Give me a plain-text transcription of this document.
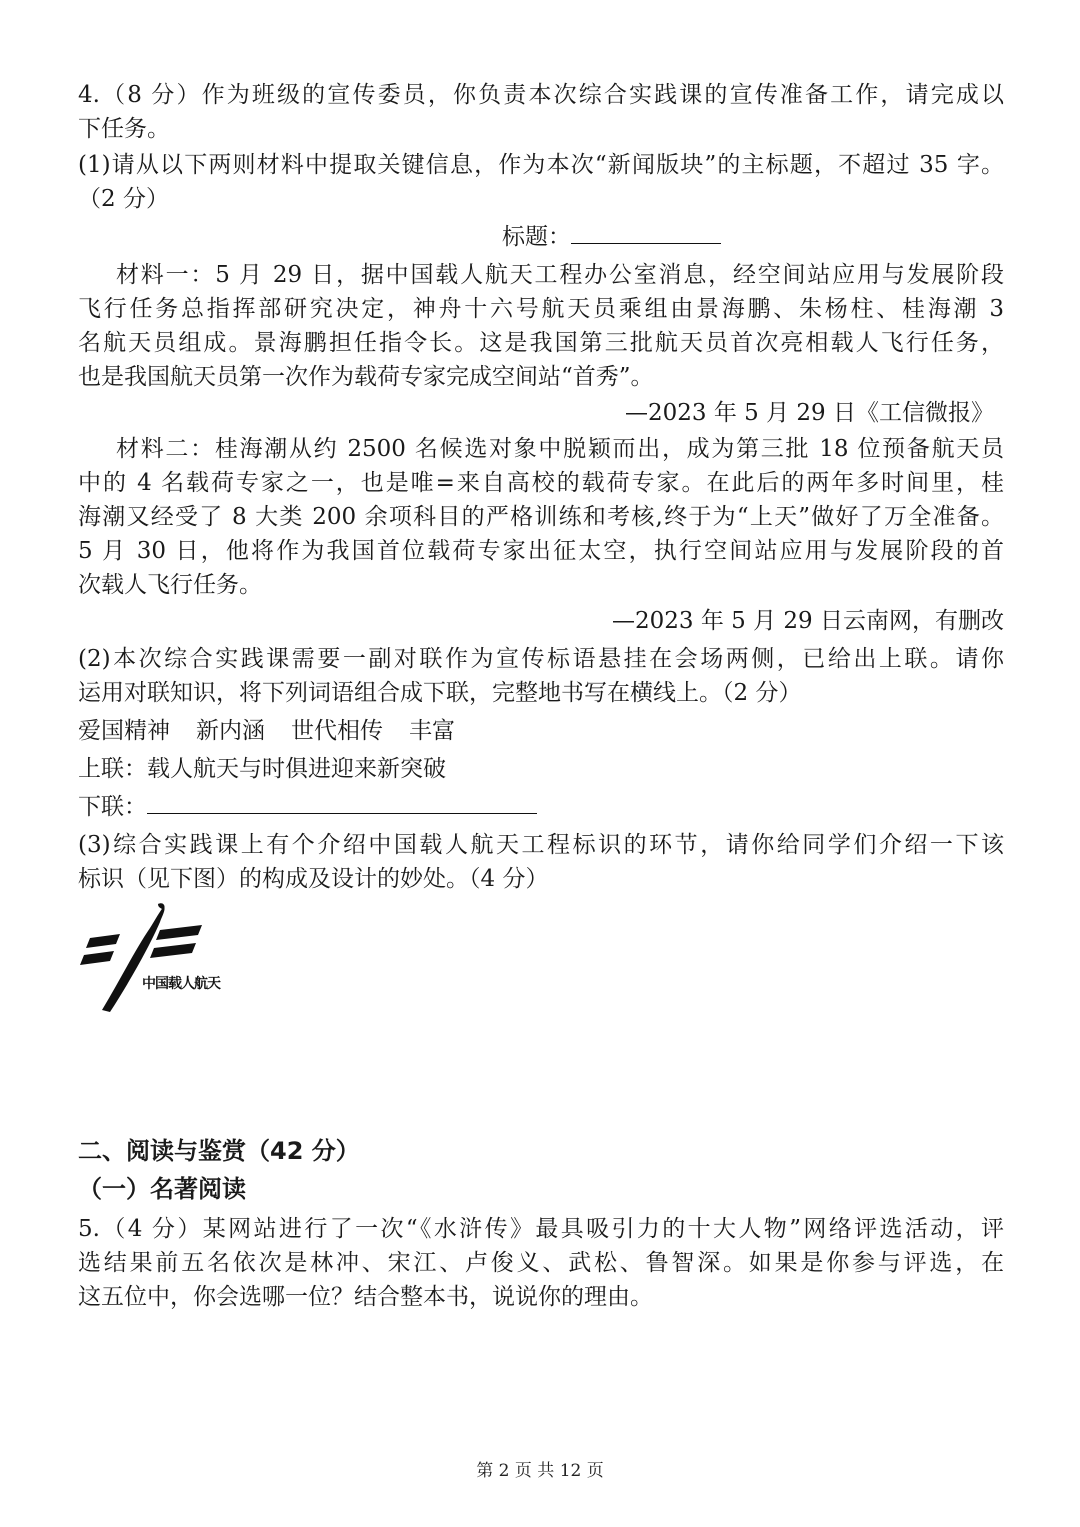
4.（8 分）作为班级的宣传委员，你负责本次综合实践课的宣传准备工作，请完成以
下任务。
(1)请从以下两则材料中提取关键信息，作为本次“新闻版块”的主标题，不超过 35 字。
（2 分）
标题：
材料一：5 月 29 日，据中国载人航天工程办公室消息，经空间站应用与发展阶段
飞行任务总指挥部研究决定，神舟十六号航天员乘组由景海鹏、朱杨柱、桂海潮 3
名航天员组成。景海鹏担任指令长。这是我国第三批航天员首次亮相载人飞行任务，
也是我国航天员第一次作为载荷专家完成空间站“首秀”。
—2023 年 5 月 29 日《工信微报》
材料二：桂海潮从约 2500 名候选对象中脱颖而出，成为第三批 18 位预备航天员
中的 4 名载荷专家之一，也是唯=来自高校的载荷专家。在此后的两年多时间里，桂
海潮又经受了 8 大类 200 余项科目的严格训练和考核,终于为“上天”做好了万全准备。
5 月 30 日，他将作为我国首位载荷专家出征太空，执行空间站应用与发展阶段的首
次载人飞行任务。
—2023 年 5 月 29 日云南网，有删改
(2)本次综合实践课需要一副对联作为宣传标语悬挂在会场两侧，已给出上联。请你
运用对联知识，将下列词语组合成下联，完整地书写在横线上。（2 分）
爱国精神 新内涵 世代相传 丰富
上联：载人航天与时俱进迎来新突破
下联：
(3)综合实践课上有个介绍中国载人航天工程标识的环节，请你给同学们介绍一下该
标识（见下图）的构成及设计的妙处。（4 分）
二、阅读与鉴赏（42 分）
（一）名著阅读
5.（4 分）某网站进行了一次“《水浒传》最具吸引力的十大人物”网络评选活动，评
选结果前五名依次是林冲、宋江、卢俊义、武松、鲁智深。如果是你参与评选，在
这五位中，你会选哪一位？结合整本书，说说你的理由。
中国载人航天
第 2 页 共 12 页
